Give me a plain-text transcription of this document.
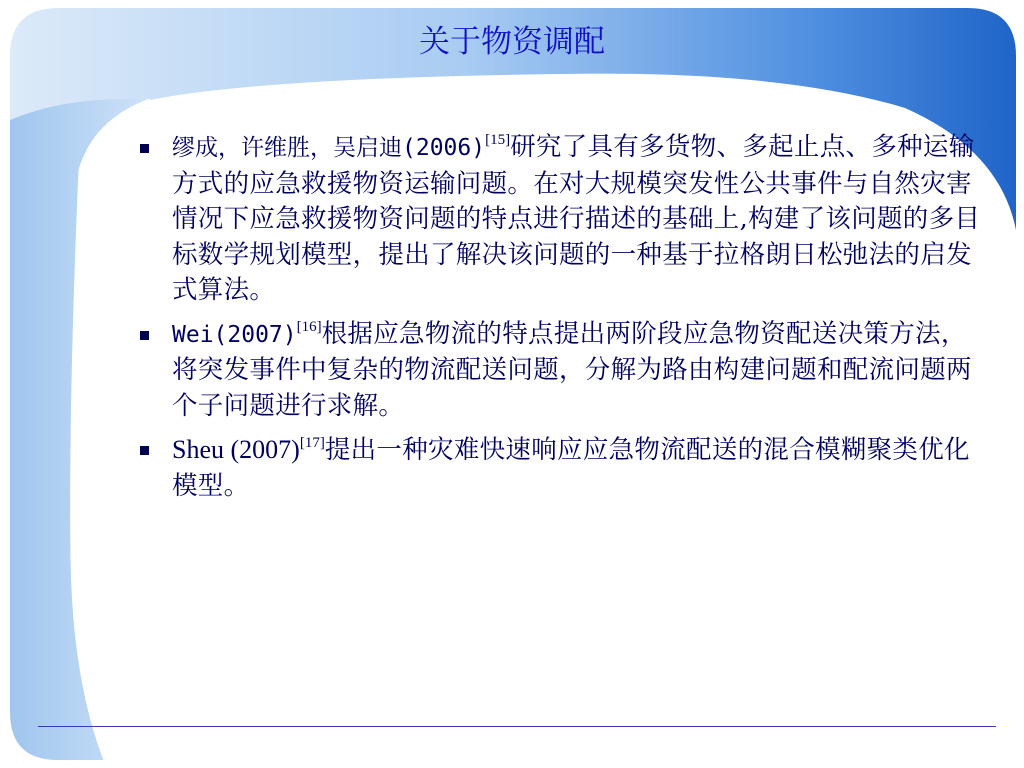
关于物资调配
缪成，许维胜，吴启迪(2006)[15]研究了具有多货物、多起止点、多种运输方式的应急救援物资运输问题。在对大规模突发性公共事件与自然灾害情况下应急救援物资问题的特点进行描述的基础上,构建了该问题的多目标数学规划模型，提出了解决该问题的一种基于拉格朗日松弛法的启发式算法。
Wei(2007)[16]根据应急物流的特点提出两阶段应急物资配送决策方法，将突发事件中复杂的物流配送问题，分解为路由构建问题和配流问题两个子问题进行求解。
Sheu (2007)[17]提出一种灾难快速响应应急物流配送的混合模糊聚类优化模型。
